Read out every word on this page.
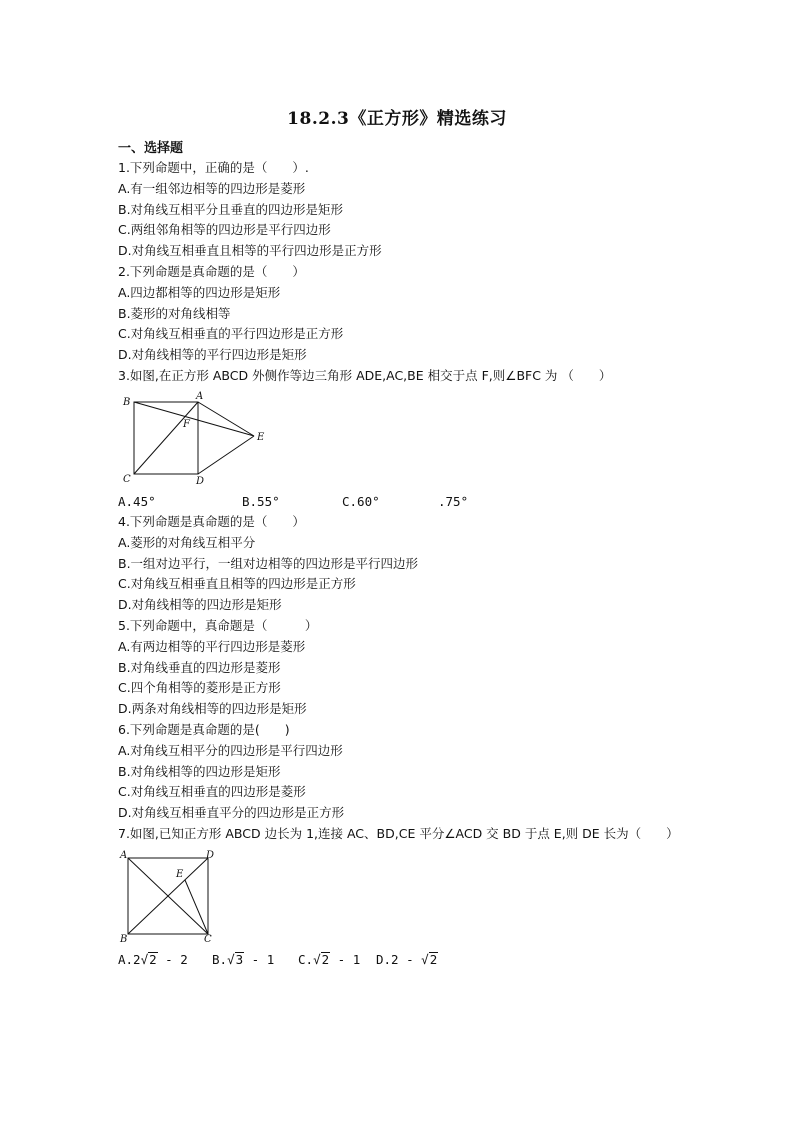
18.2.3《正方形》精选练习
一、选择题
1.下列命题中，正确的是（　　）.
A.有一组邻边相等的四边形是菱形
B.对角线互相平分且垂直的四边形是矩形
C.两组邻角相等的四边形是平行四边形
D.对角线互相垂直且相等的平行四边形是正方形
2.下列命题是真命题的是（　　）
A.四边都相等的四边形是矩形
B.菱形的对角线相等
C.对角线互相垂直的平行四边形是正方形
D.对角线相等的平行四边形是矩形
3.如图,在正方形 ABCD 外侧作等边三角形 ADE,AC,BE 相交于点 F,则∠BFC 为 （　　）
B
A
F
E
C	D
A.45°	B.55°	C.60°	.75°
4.下列命题是真命题的是（　　）
A.菱形的对角线互相平分
B.一组对边平行，一组对边相等的四边形是平行四边形
C.对角线互相垂直且相等的四边形是正方形
D.对角线相等的四边形是矩形
5.下列命题中，真命题是（　　　）
A.有两边相等的平行四边形是菱形
B.对角线垂直的四边形是菱形
C.四个角相等的菱形是正方形
D.两条对角线相等的四边形是矩形
6.下列命题是真命题的是(　　)
A.对角线互相平分的四边形是平行四边形
B.对角线相等的四边形是矩形
C.对角线互相垂直的四边形是菱形
D.对角线互相垂直平分的四边形是正方形
7.如图,已知正方形 ABCD 边长为 1,连接 AC、BD,CE 平分∠ACD 交 BD 于点 E,则 DE 长为（　　）
A	D
E
B	C
A.2√2 - 2 B.√3 - 1 C.√2 - 1 D.2 - √2
